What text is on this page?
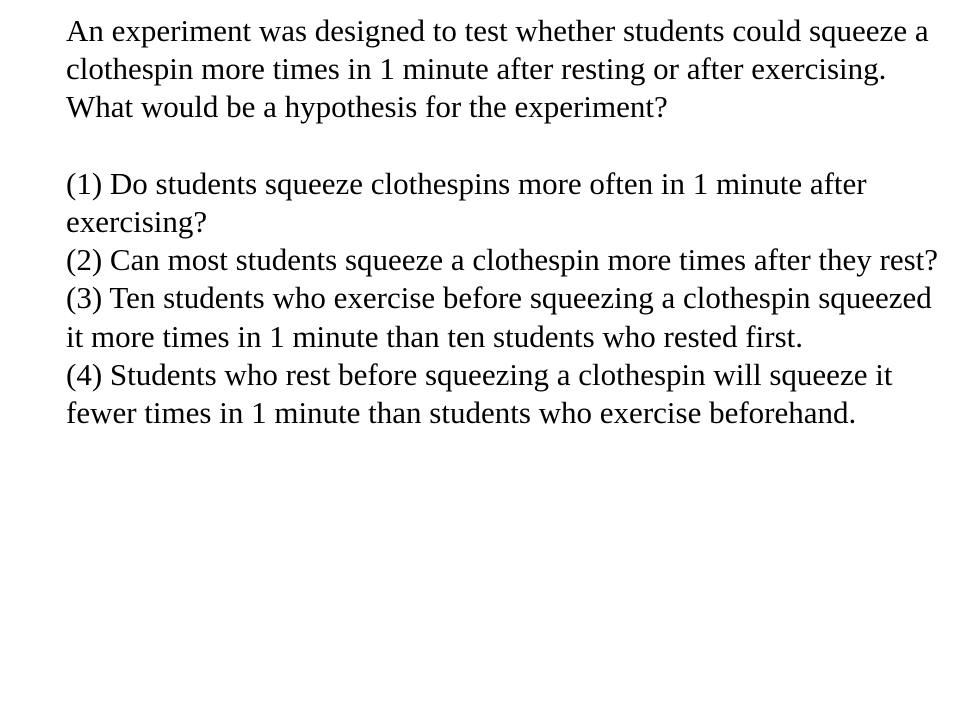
An experiment was designed to test whether students could squeeze a clothespin more times in 1 minute after resting or after exercising. What would be a hypothesis for the experiment?

(1) Do students squeeze clothespins more often in 1 minute after exercising?
(2) Can most students squeeze a clothespin more times after they rest?
(3) Ten students who exercise before squeezing a clothespin squeezed it more times in 1 minute than ten students who rested first.
(4) Students who rest before squeezing a clothespin will squeeze it fewer times in 1 minute than students who exercise beforehand.
